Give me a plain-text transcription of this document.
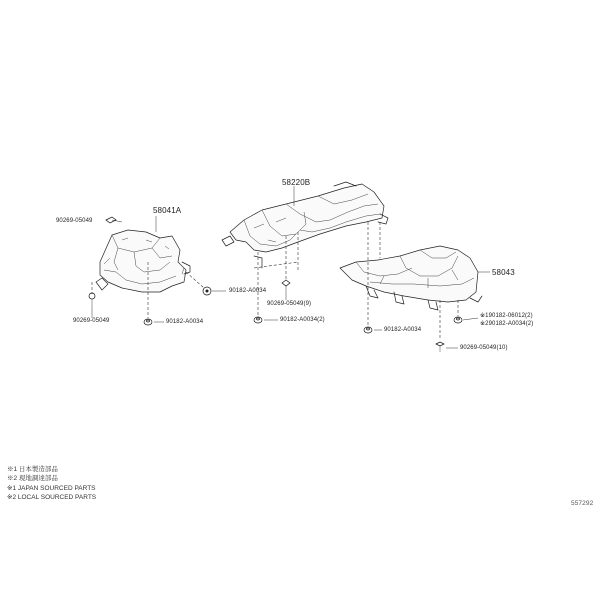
58041A
58220B
58043
90269-05049
90269-05049	90182-A0034
90182-A0034
90269-05049(9)
90182-A0034(2)
90182-A0034
※190182-06012(2)
※290182-A0034(2)
90269-05049(10)
※1 日本製造部品
※2 現地調達部品
※1 JAPAN SOURCED PARTS
※2 LOCAL SOURCED PARTS
557292
